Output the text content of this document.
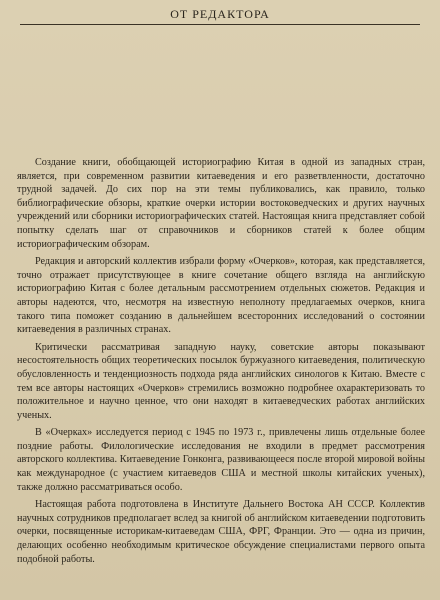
ОТ РЕДАКТОРА

Создание книги, обобщающей историографию Китая в одной из западных стран, является, при современном развитии китаеведения и его разветвленности, достаточно трудной задачей. До сих пор на эти темы публиковались, как правило, только библиографические обзоры, краткие очерки истории востоковедческих и других научных учреждений или сборники историографических статей. Настоящая книга представляет собой попытку сделать шаг от справочников и сборников статей к более общим историографическим обзорам.

Редакция и авторский коллектив избрали форму «Очерков», которая, как представляется, точно отражает присутствующее в книге сочетание общего взгляда на английскую историографию Китая с более детальным рассмотрением отдельных сюжетов. Редакция и авторы надеются, что, несмотря на известную неполноту предлагаемых очерков, книга такого типа поможет созданию в дальнейшем всесторонних исследований о состоянии китаеведения в различных странах.

Критически рассматривая западную науку, советские авторы показывают несостоятельность общих теоретических посылок буржуазного китаеведения, политическую обусловленность и тенденциозность подхода ряда английских синологов к Китаю. Вместе с тем все авторы настоящих «Очерков» стремились возможно подробнее охарактеризовать то положительное и научно ценное, что они находят в китаеведческих работах английских ученых.

В «Очерках» исследуется период с 1945 по 1973 г., привлечены лишь отдельные более поздние работы. Филологические исследования не входили в предмет рассмотрения авторского коллектива. Китаеведение Гонконга, развивающееся после второй мировой войны как международное (с участием китаеведов США и местной школы китайских ученых), также должно рассматриваться особо.

Настоящая работа подготовлена в Институте Дальнего Востока АН СССР. Коллектив научных сотрудников предполагает вслед за книгой об английском китаеведении подготовить очерки, посвященные историкам-китаеведам США, ФРГ, Франции. Это — одна из причин, делающих особенно необходимым критическое обсуждение специалистами первого опыта подобной работы.
